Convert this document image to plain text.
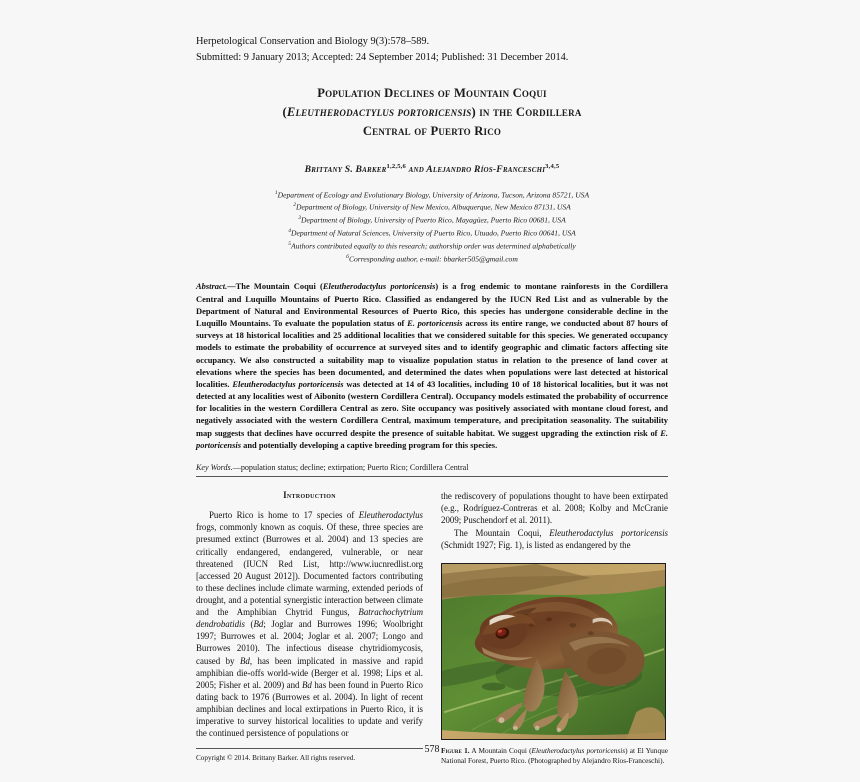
Herpetological Conservation and Biology 9(3):578–589.
Submitted: 9 January 2013; Accepted: 24 September 2014; Published: 31 December 2014.
Population Declines of Mountain Coqui
(Eleutherodactylus portoricensis) in the Cordillera
Central of Puerto Rico
Brittany S. Barker$^{1,2,5,6}$ and Alejandro Ríos-Franceschi$^{3,4,5}$
$^1$Department of Ecology and Evolutionary Biology, University of Arizona, Tucson, Arizona 85721, USA
$^2$Department of Biology, University of New Mexico, Albuquerque, New Mexico 87131, USA
$^3$Department of Biology, University of Puerto Rico, Mayagüez, Puerto Rico 00681, USA
$^4$Department of Natural Sciences, University of Puerto Rico, Utuado, Puerto Rico 00641, USA
$^5$Authors contributed equally to this research; authorship order was determined alphabetically
$^6$Corresponding author, e-mail: bbarker505@gmail.com
Abstract.—The Mountain Coqui (Eleutherodactylus portoricensis) is a frog endemic to montane rainforests in the Cordillera Central and Luquillo Mountains of Puerto Rico. Classified as endangered by the IUCN Red List and as vulnerable by the Department of Natural and Environmental Resources of Puerto Rico, this species has undergone considerable decline in the Luquillo Mountains. To evaluate the population status of E. portoricensis across its entire range, we conducted about 87 hours of surveys at 18 historical localities and 25 additional localities that we considered suitable for this species. We generated occupancy models to estimate the probability of occurrence at surveyed sites and to identify geographic and climatic factors affecting site occupancy. We also constructed a suitability map to visualize population status in relation to the presence of land cover at elevations where the species has been documented, and determined the dates when populations were last detected at historical localities. Eleutherodactylus portoricensis was detected at 14 of 43 localities, including 10 of 18 historical localities, but it was not detected at any localities west of Aibonito (western Cordillera Central). Occupancy models estimated the probability of occurrence for localities in the western Cordillera Central as zero. Site occupancy was positively associated with montane cloud forest, and negatively associated with the western Cordillera Central, maximum temperature, and precipitation seasonality. The suitability map suggests that declines have occurred despite the presence of suitable habitat. We suggest upgrading the extinction risk of E. portoricensis and potentially developing a captive breeding program for this species.
Key Words.—population status; decline; extirpation; Puerto Rico; Cordillera Central
Introduction

Puerto Rico is home to 17 species of Eleutherodactylus frogs, commonly known as coquis. Of these, three species are presumed extinct (Burrowes et al. 2004) and 13 species are critically endangered, endangered, vulnerable, or near threatened (IUCN Red List, http://www.iucnredlist.org [accessed 20 August 2012]). Documented factors contributing to these declines include climate warming, extended periods of drought, and a potential synergistic interaction between climate and the Amphibian Chytrid Fungus, Batrachochytrium dendrobatidis (Bd; Joglar and Burrowes 1996; Woolbright 1997; Burrowes et al. 2004; Joglar et al. 2007; Longo and Burrowes 2010). The infectious disease chytridiomycosis, caused by Bd, has been implicated in massive and rapid amphibian die-offs world-wide (Berger et al. 1998; Lips et al. 2005; Fisher et al. 2009) and Bd has been found in Puerto Rico dating back to 1976 (Burrowes et al. 2004). In light of recent amphibian declines and local extirpations in Puerto Rico, it is imperative to survey historical localities to update and verify the continued persistence of populations or

Copyright © 2014. Brittany Barker. All rights reserved.

the rediscovery of populations thought to have been extirpated (e.g., Rodríguez-Contreras et al. 2008; Kolby and McCranie 2009; Puschendorf et al. 2011).

The Mountain Coqui, Eleutherodactylus portoricensis (Schmidt 1927; Fig. 1), is listed as endangered by the

Figure 1. A Mountain Coqui (Eleutherodactylus portoricensis) at El Yunque National Forest, Puerto Rico. (Photographed by Alejandro Ríos-Franceschi).
578
